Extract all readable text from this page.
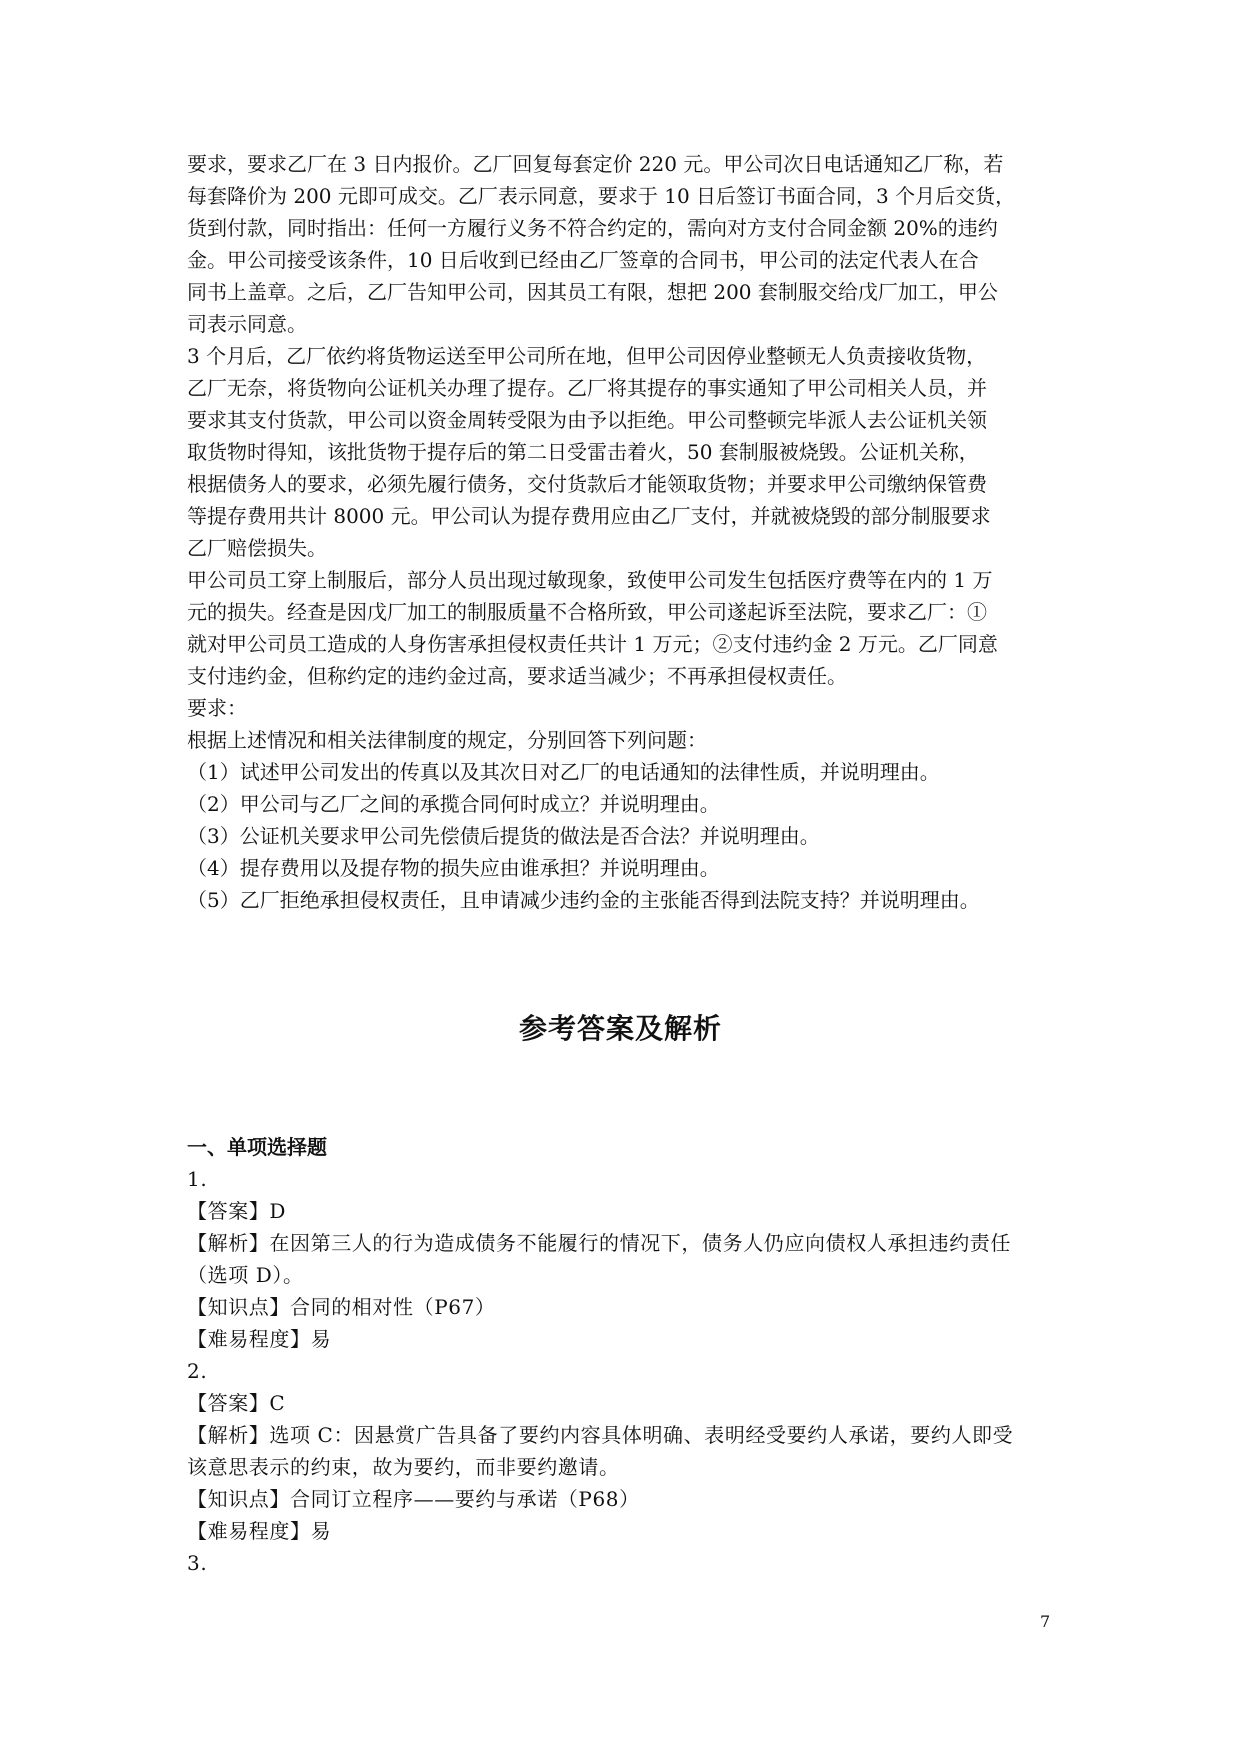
要求，要求乙厂在 3 日内报价。乙厂回复每套定价 220 元。甲公司次日电话通知乙厂称，若
每套降价为 200 元即可成交。乙厂表示同意，要求于 10 日后签订书面合同，3 个月后交货，
货到付款，同时指出：任何一方履行义务不符合约定的，需向对方支付合同金额 20%的违约
金。甲公司接受该条件，10 日后收到已经由乙厂签章的合同书，甲公司的法定代表人在合
同书上盖章。之后，乙厂告知甲公司，因其员工有限，想把 200 套制服交给戊厂加工，甲公
司表示同意。
3 个月后，乙厂依约将货物运送至甲公司所在地，但甲公司因停业整顿无人负责接收货物，
乙厂无奈，将货物向公证机关办理了提存。乙厂将其提存的事实通知了甲公司相关人员，并
要求其支付货款，甲公司以资金周转受限为由予以拒绝。甲公司整顿完毕派人去公证机关领
取货物时得知，该批货物于提存后的第二日受雷击着火，50 套制服被烧毁。公证机关称，
根据债务人的要求，必须先履行债务，交付货款后才能领取货物；并要求甲公司缴纳保管费
等提存费用共计 8000 元。甲公司认为提存费用应由乙厂支付，并就被烧毁的部分制服要求
乙厂赔偿损失。
甲公司员工穿上制服后，部分人员出现过敏现象，致使甲公司发生包括医疗费等在内的 1 万
元的损失。经查是因戊厂加工的制服质量不合格所致，甲公司遂起诉至法院，要求乙厂：①
就对甲公司员工造成的人身伤害承担侵权责任共计 1 万元；②支付违约金 2 万元。乙厂同意
支付违约金，但称约定的违约金过高，要求适当减少；不再承担侵权责任。
要求：
根据上述情况和相关法律制度的规定，分别回答下列问题：
（1）试述甲公司发出的传真以及其次日对乙厂的电话通知的法律性质，并说明理由。
（2）甲公司与乙厂之间的承揽合同何时成立？并说明理由。
（3）公证机关要求甲公司先偿债后提货的做法是否合法？并说明理由。
（4）提存费用以及提存物的损失应由谁承担？并说明理由。
（5）乙厂拒绝承担侵权责任，且申请减少违约金的主张能否得到法院支持？并说明理由。
参考答案及解析
一、单项选择题
1.
【答案】D
【解析】在因第三人的行为造成债务不能履行的情况下，债务人仍应向债权人承担违约责任
（选项 D）。
【知识点】合同的相对性（P67）
【难易程度】易
2.
【答案】C
【解析】选项 C：因悬赏广告具备了要约内容具体明确、表明经受要约人承诺，要约人即受
该意思表示的约束，故为要约，而非要约邀请。
【知识点】合同订立程序——要约与承诺（P68）
【难易程度】易
3.
7
